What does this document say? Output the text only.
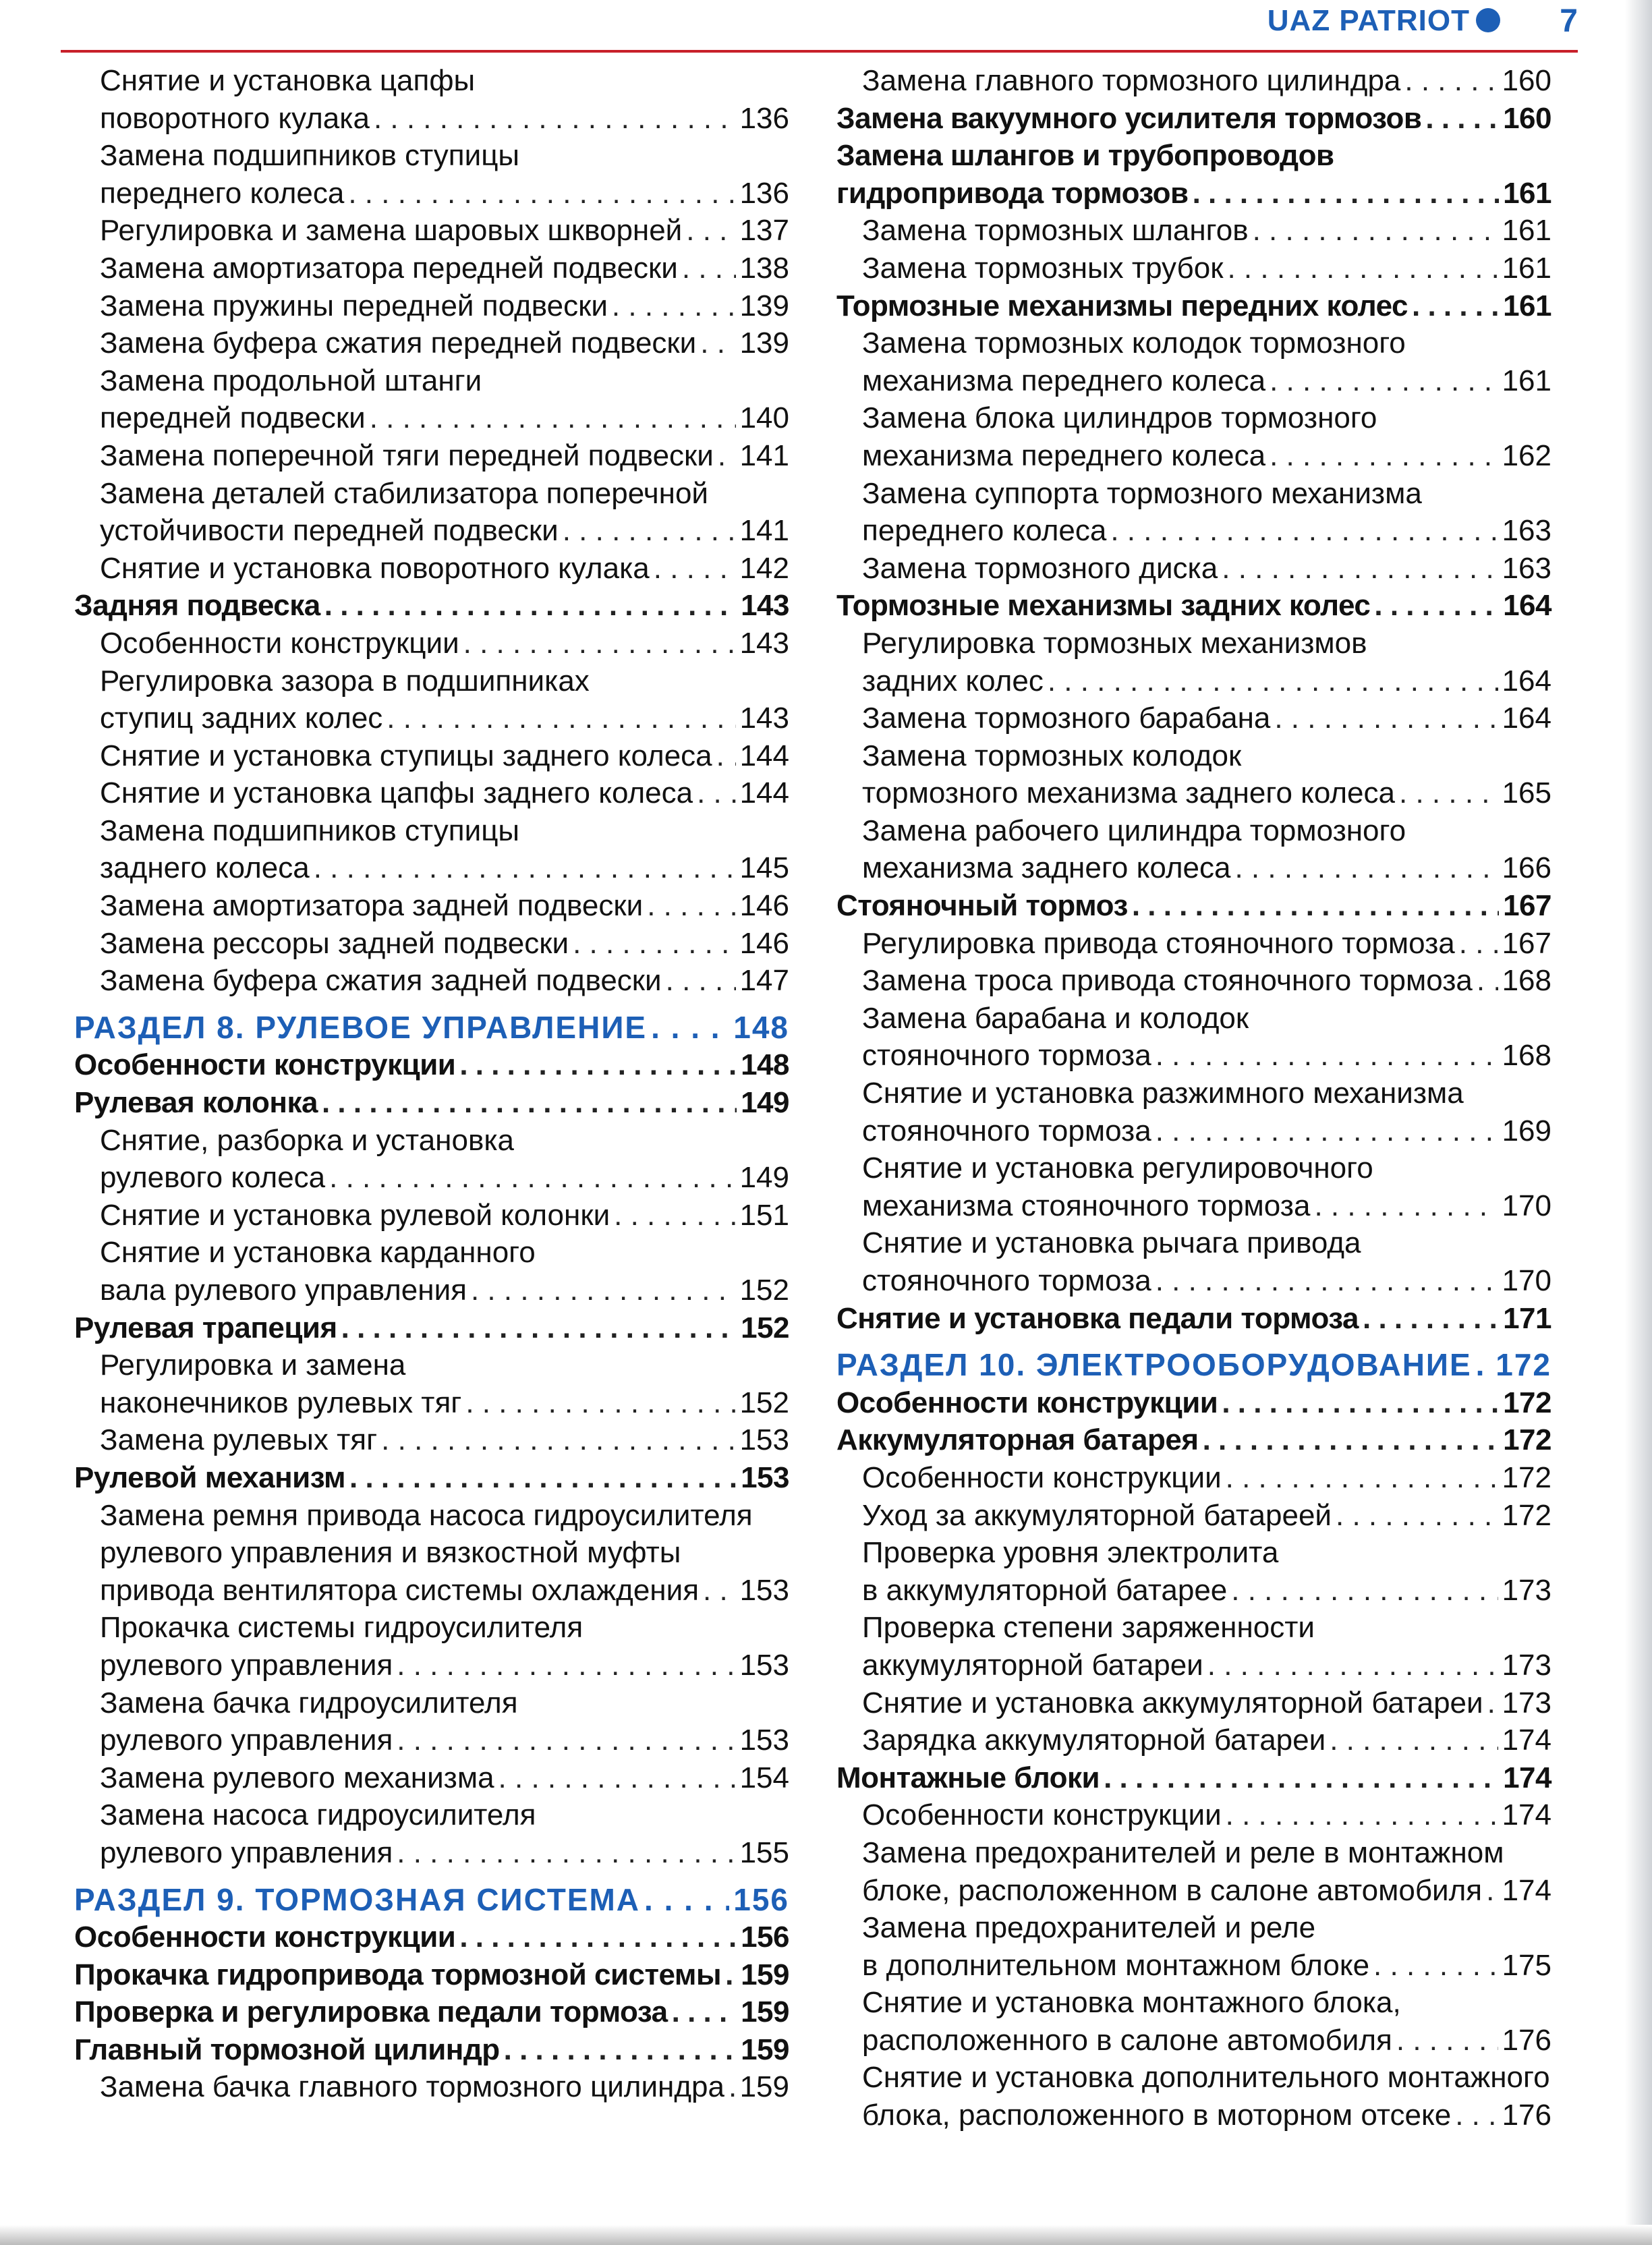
UAZ PATRIOT	7
Снятие и установка цапфы
поворотного кулака . . .	136
Замена подшипников ступицы
переднего колеса . . .	136
Регулировка и замена шаровых шкворней . . . 137
Замена амортизатора передней подвески . . . 138
Замена пружины передней подвески . . .	139
Замена буфера сжатия передней подвески . . . 139
Замена продольной штанги
передней подвески . . .	140
Замена поперечной тяги передней подвески . . . 141
Замена деталей стабилизатора поперечной
устойчивости передней подвески . . .	141
Снятие и установка поворотного кулака . . .	142
Задняя подвеска . . .	143
Особенности конструкции . . .	143
Регулировка зазора в подшипниках
ступиц задних колес . . .	143
Снятие и установка ступицы заднего колеса . . . 144
Снятие и установка цапфы заднего колеса . . . 144
Замена подшипников ступицы
заднего колеса . . .	145
Замена амортизатора задней подвески . . .	146
Замена рессоры задней подвески . . .	146
Замена буфера сжатия задней подвески . . .	147
РАЗДЕЛ 8. РУЛЕВОЕ УПРАВЛЕНИЕ . . .	148
Особенности конструкции . . .	148
Рулевая колонка . . .	149
Снятие, разборка и установка
рулевого колеса . . .	149
Снятие и установка рулевой колонки . . .	151
Снятие и установка карданного
вала рулевого управления . . .	152
Рулевая трапеция . . .	152
Регулировка и замена
наконечников рулевых тяг . . .	152
Замена рулевых тяг . . .	153
Рулевой механизм . . .	153
Замена ремня привода насоса гидроусилителя
рулевого управления и вязкостной муфты
привода вентилятора системы охлаждения . . . 153
Прокачка системы гидроусилителя
рулевого управления . . .	153
Замена бачка гидроусилителя
рулевого управления . . .	153
Замена рулевого механизма . . .	154
Замена насоса гидроусилителя
рулевого управления . . .	155
РАЗДЕЛ 9. ТОРМОЗНАЯ СИСТЕМА . . .	156
Особенности конструкции . . .	156
Прокачка гидропривода тормозной системы . . . 159
Проверка и регулировка педали тормоза . . . 159
Главный тормозной цилиндр . . .	159
Замена бачка главного тормозного цилиндра . . . 159
Замена главного тормозного цилиндра . . .	160
Замена вакуумного усилителя тормозов . . .	160
Замена шлангов и трубопроводов
гидропривода тормозов . . .	161
Замена тормозных шлангов . . .	161
Замена тормозных трубок . . .	161
Тормозные механизмы передних колес . . .	161
Замена тормозных колодок тормозного
механизма переднего колеса . . .	161
Замена блока цилиндров тормозного
механизма переднего колеса . . .	162
Замена суппорта тормозного механизма
переднего колеса . . .	163
Замена тормозного диска . . .	163
Тормозные механизмы задних колес . . .	164
Регулировка тормозных механизмов
задних колес . . .	164
Замена тормозного барабана . . .	164
Замена тормозных колодок
тормозного механизма заднего колеса . . .	165
Замена рабочего цилиндра тормозного
механизма заднего колеса . . .	166
Стояночный тормоз . . .	167
Регулировка привода стояночного тормоза . . . 167
Замена троса привода стояночного тормоза . . . 168
Замена барабана и колодок
стояночного тормоза . . .	168
Снятие и установка разжимного механизма
стояночного тормоза . . .	169
Снятие и установка регулировочного
механизма стояночного тормоза . . .	170
Снятие и установка рычага привода
стояночного тормоза . . .	170
Снятие и установка педали тормоза . . .	171
РАЗДЕЛ 10. ЭЛЕКТРООБОРУДОВАНИЕ . . . 172
Особенности конструкции . . .	172
Аккумуляторная батарея . . .	172
Особенности конструкции . . .	172
Уход за аккумуляторной батареей . . .	172
Проверка уровня электролита
в аккумуляторной батарее . . .	173
Проверка степени заряженности
аккумуляторной батареи . . .	173
Снятие и установка аккумуляторной батареи . . . 173
Зарядка аккумуляторной батареи . . .	174
Монтажные блоки . . .	174
Особенности конструкции . . .	174
Замена предохранителей и реле в монтажном
блоке, расположенном в салоне автомобиля . . . 174
Замена предохранителей и реле
в дополнительном монтажном блоке . . .	175
Снятие и установка монтажного блока,
расположенного в салоне автомобиля . . .	176
Снятие и установка дополнительного монтажного
блока, расположенного в моторном отсеке . . . 176
